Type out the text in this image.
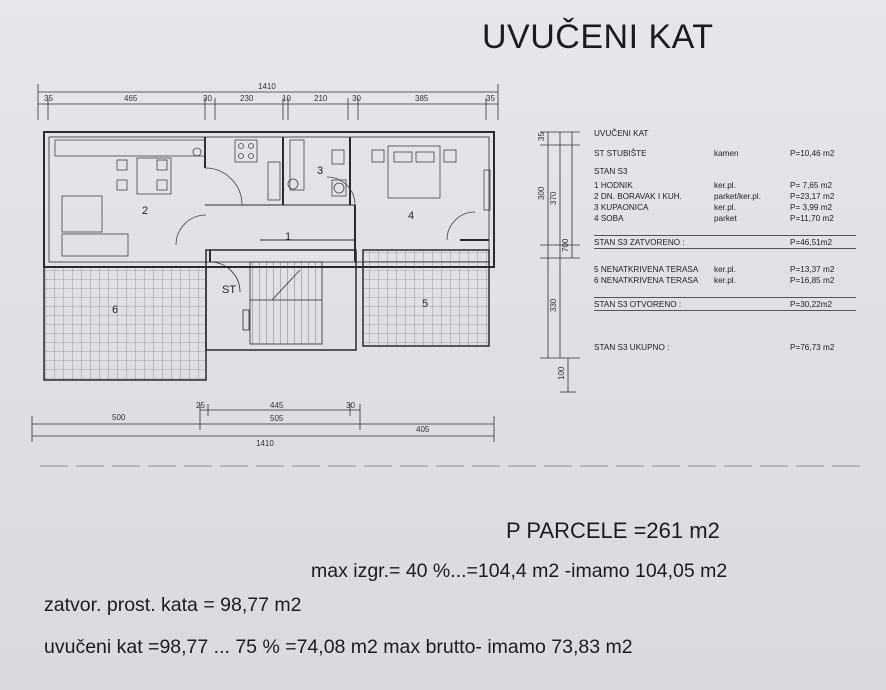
UVUČENI KAT
1410
35	465	30	230	10	210	30	385	35
2
1
3
4
5
6
ST
25	445	30
500	505
405
1410
35
300 370
700
330
100
UVUČENI KAT
ST STUBIŠTE	kamen	P=10,46 m2
STAN S3
1 HODNIK	ker.pl.	P= 7,65 m2
2 DN. BORAVAK I KUH.	parket/ker.pl.	P=23,17 m2
3 KUPAONICA	ker.pl.	P= 3,99 m2
4 SOBA	parket	P=11,70 m2
STAN S3 ZATVORENO :	P=46,51m2
5 NENATKRIVENA TERASA ker.pl.	P=13,37 m2
6 NENATKRIVENA TERASA ker.pl.	P=16,85 m2
STAN S3 OTVORENO :	P=30,22m2
STAN S3 UKUPNO :	P=76,73 m2
P PARCELE =261 m2
max izgr.= 40 %...=104,4 m2 -imamo 104,05 m2
zatvor. prost. kata = 98,77 m2
uvučeni kat =98,77 ... 75 % =74,08 m2 max brutto- imamo 73,83 m2
